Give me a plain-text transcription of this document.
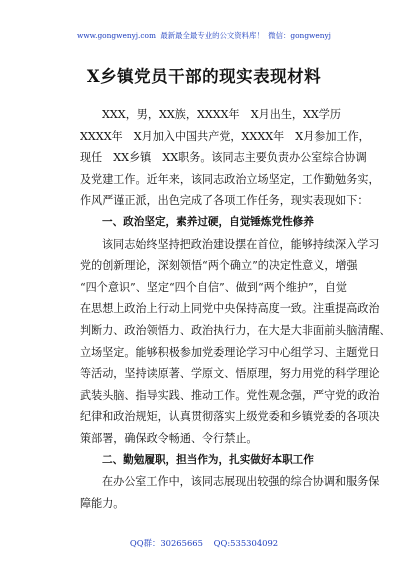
www.gongwenyj.com 最新最全最专业的公文资料库！ 微信：gongwenyj
X乡镇党员干部的现实表现材料
XXX，男，XX族，XXXX年　X月出生，XX学历
XXXX年　X月加入中国共产党，XXXX年　X月参加工作，
现任　XX乡镇　XX职务。该同志主要负责办公室综合协调
及党建工作。近年来，该同志政治立场坚定，工作勤勉务实，
作风严谨正派，出色完成了各项工作任务，现实表现如下：
一、政治坚定，素养过硬，自觉锤炼党性修养
该同志始终坚持把政治建设摆在首位，能够持续深入学习
党的创新理论，深刻领悟“两个确立”的决定性意义，增强
“四个意识”、坚定“四个自信”、做到“两个维护”，自觉
在思想上政治上行动上同党中央保持高度一致。注重提高政治
判断力、政治领悟力、政治执行力，在大是大非面前头脑清醒、
立场坚定。能够积极参加党委理论学习中心组学习、主题党日
等活动，坚持读原著、学原文、悟原理，努力用党的科学理论
武装头脑、指导实践、推动工作。党性观念强，严守党的政治
纪律和政治规矩，认真贯彻落实上级党委和乡镇党委的各项决
策部署，确保政令畅通、令行禁止。
二、勤勉履职，担当作为，扎实做好本职工作
在办公室工作中，该同志展现出较强的综合协调和服务保
障能力。
QQ群：30265665 QQ:535304092
